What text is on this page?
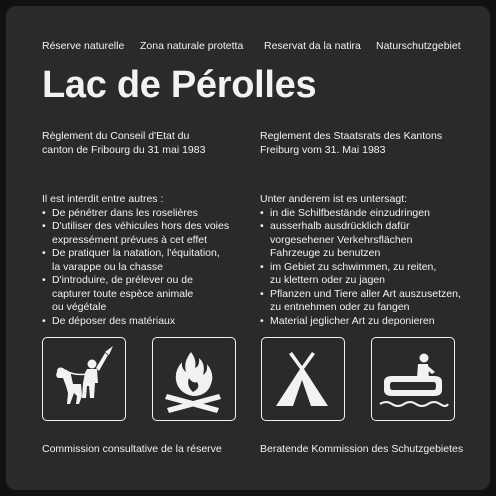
Réserve naturelle Zona naturale protetta Reservat da la natira Naturschutzgebiet
Lac de Pérolles
Règlement du Conseil d'Etat du
canton de Fribourg du 31 mai 1983
Reglement des Staatsrats des Kantons
Freiburg vom 31. Mai 1983
Il est interdit entre autres :
• De pénétrer dans les roselières
• D'utiliser des véhicules hors des voies
expressément prévues à cet effet
• De pratiquer la natation, l'équitation,
la varappe ou la chasse
• D'introduire, de prélever ou de
capturer toute espèce animale
ou végétale
• De déposer des matériaux
Unter anderem ist es untersagt:
• in die Schilfbestände einzudringen
• ausserhalb ausdrücklich dafür
vorgesehener Verkehrsflächen
Fahrzeuge zu benutzen
• im Gebiet zu schwimmen, zu reiten,
zu klettern oder zu jagen
• Pflanzen und Tiere aller Art auszusetzen,
zu entnehmen oder zu fangen
• Material jeglicher Art zu deponieren
Commission consultative de la réserve	Beratende Kommission des Schutzgebietes
